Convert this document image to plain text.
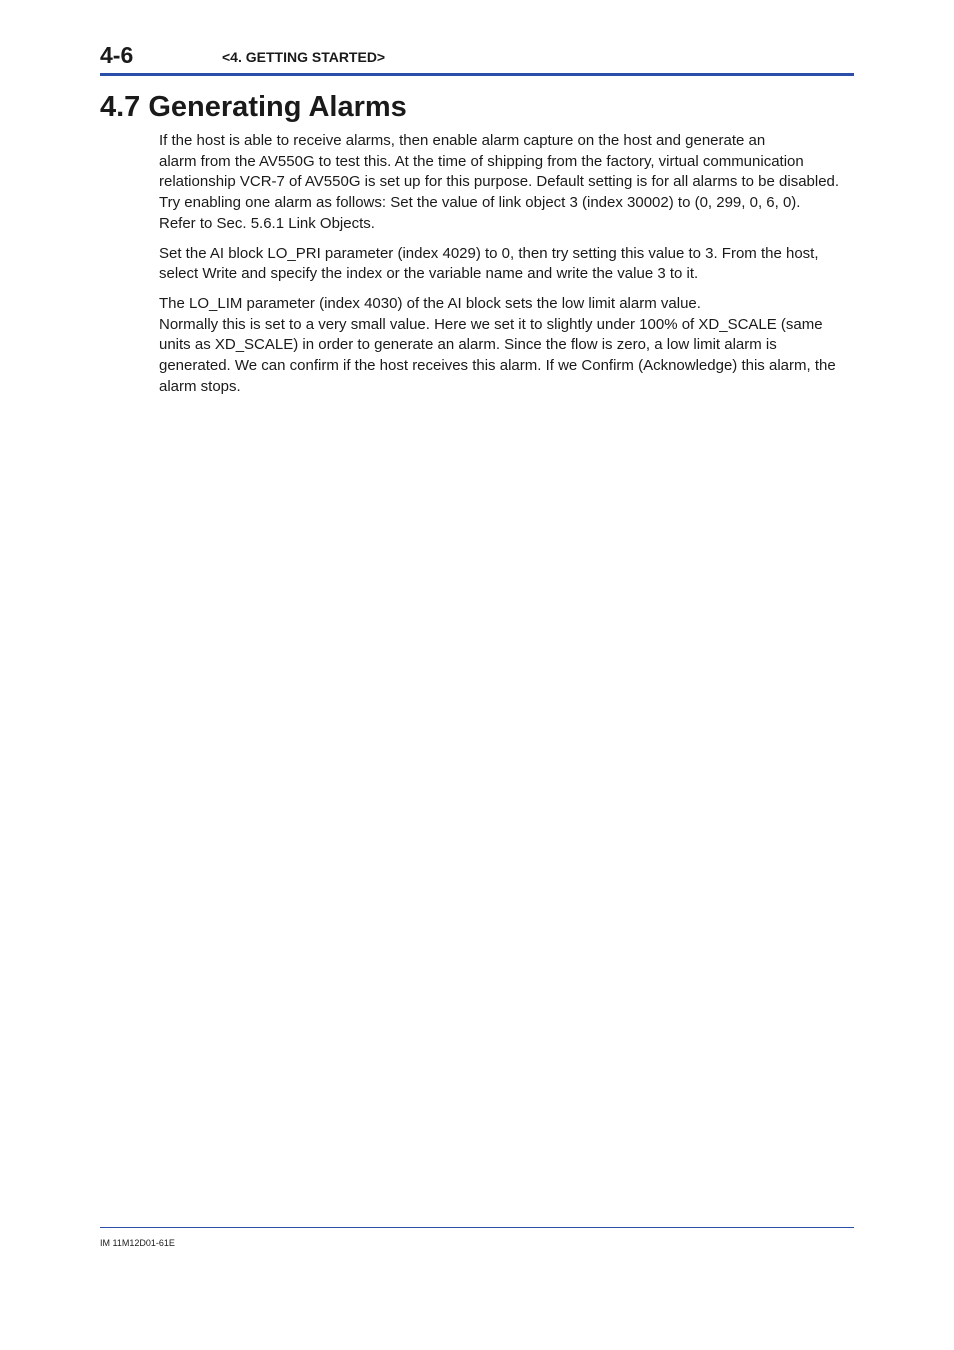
4-6	<4. GETTING STARTED>
4.7 Generating Alarms

If the host is able to receive alarms, then enable alarm capture on the host and generate an
alarm from the AV550G to test this. At the time of shipping from the factory, virtual communication
relationship VCR-7 of AV550G is set up for this purpose. Default setting is for all alarms to be disabled.
Try enabling one alarm as follows: Set the value of link object 3 (index 30002) to (0, 299, 0, 6, 0).
Refer to Sec. 5.6.1 Link Objects.

Set the AI block LO_PRI parameter (index 4029) to 0, then try setting this value to 3. From the host,
select Write and specify the index or the variable name and write the value 3 to it.

The LO_LIM parameter (index 4030) of the AI block sets the low limit alarm value.
Normally this is set to a very small value. Here we set it to slightly under 100% of XD_SCALE (same
units as XD_SCALE) in order to generate an alarm. Since the flow is zero, a low limit alarm is
generated. We can confirm if the host receives this alarm. If we Confirm (Acknowledge) this alarm, the
alarm stops.

IM 11M12D01-61E
